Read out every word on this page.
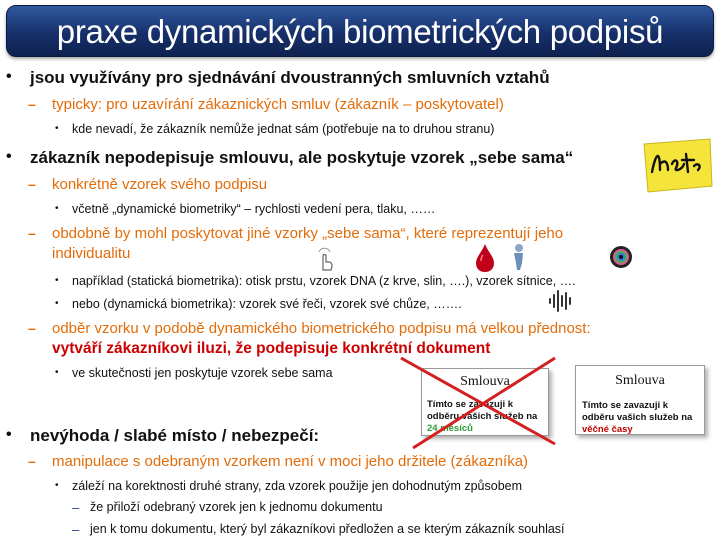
praxe dynamických biometrických podpisů
• jsou využívány pro sjednávání dvoustranných smluvních vztahů
– typicky: pro uzavírání zákaznických smluv (zákazník – poskytovatel)
• kde nevadí, že zákazník nemůže jednat sám (potřebuje na to druhou stranu)
• zákazník nepodepisuje smlouvu, ale poskytuje vzorek „sebe sama“
– konkrétně vzorek svého podpisu
• včetně „dynamické biometriky“ – rychlosti vedení pera, tlaku, ……
– obdobně by mohl poskytovat jiné vzorky „sebe sama“, které reprezentují jeho
individualitu
• například (statická biometrika): otisk prstu, vzorek DNA (z krve, slin, ….), vzorek sítnice, ….
• nebo (dynamická biometrika): vzorek své řeči, vzorek své chůze, …….
– odběr vzorku v podobě dynamického biometrického podpisu má velkou přednost:
vytváří zákazníkovi iluzi, že podepisuje konkrétní dokument
• ve skutečnosti jen poskytuje vzorek sebe sama
Smlouva
Tímto se zavazuji k
odběru vašich služeb na
24 měsíců
Smlouva
Tímto se zavazuji k
odběru vašich služeb na
věčné časy
• nevýhoda / slabé místo / nebezpečí:
– manipulace s odebraným vzorkem není v moci jeho držitele (zákazníka)
• záleží na korektnosti druhé strany, zda vzorek použije jen dohodnutým způsobem
– že přiloží odebraný vzorek jen k jednomu dokumentu
– jen k tomu dokumentu, který byl zákazníkovi předložen a se kterým zákazník souhlasí
